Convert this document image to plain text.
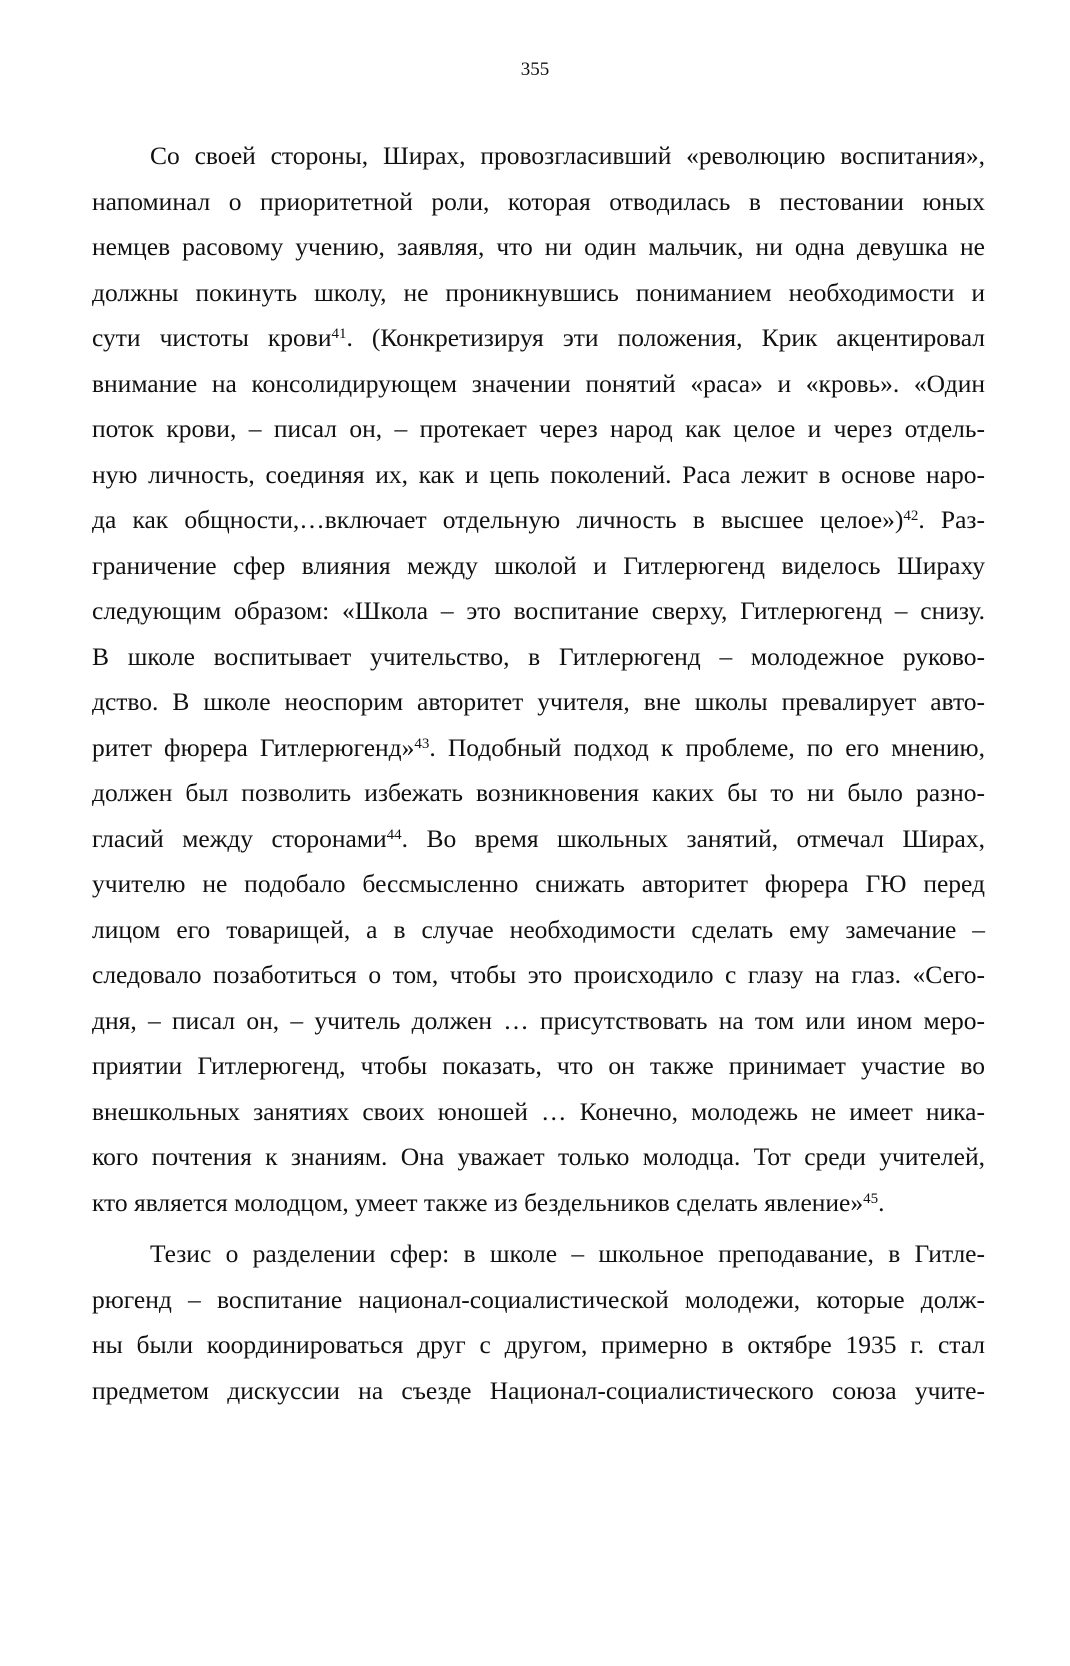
355
Со своей стороны, Ширах, провозгласивший «революцию воспитания»,
напоминал о приоритетной роли, которая отводилась в пестовании юных
немцев расовому учению, заявляя, что ни один мальчик, ни одна девушка не
должны покинуть школу, не проникнувшись пониманием необходимости и
сути чистоты крови$^{41}$. (Конкретизируя эти положения, Крик акцентировал
внимание на консолидирующем значении понятий «раса» и «кровь». «Один
поток крови, – писал он, – протекает через народ как целое и через отдель-
ную личность, соединяя их, как и цепь поколений. Раса лежит в основе наро-
да как общности,…включает отдельную личность в высшее целое»)$^{42}$. Раз-
граничение сфер влияния между школой и Гитлерюгенд виделось Шираху
следующим образом: «Школа – это воспитание сверху, Гитлерюгенд – снизу.
В школе воспитывает учительство, в Гитлерюгенд – молодежное руково-
дство. В школе неоспорим авторитет учителя, вне школы превалирует авто-
ритет фюрера Гитлерюгенд»$^{43}$. Подобный подход к проблеме, по его мнению,
должен был позволить избежать возникновения каких бы то ни было разно-
гласий между сторонами$^{44}$. Во время школьных занятий, отмечал Ширах,
учителю не подобало бессмысленно снижать авторитет фюрера ГЮ перед
лицом его товарищей, а в случае необходимости сделать ему замечание –
следовало позаботиться о том, чтобы это происходило с глазу на глаз. «Сего-
дня, – писал он, – учитель должен … присутствовать на том или ином меро-
приятии Гитлерюгенд, чтобы показать, что он также принимает участие во
внешкольных занятиях своих юношей … Конечно, молодежь не имеет ника-
кого почтения к знаниям. Она уважает только молодца. Тот среди учителей,
кто является молодцом, умеет также из бездельников сделать явление»$^{45}$.
Тезис о разделении сфер: в школе – школьное преподавание, в Гитле-
рюгенд – воспитание национал-социалистической молодежи, которые долж-
ны были координироваться друг с другом, примерно в октябре 1935 г. стал
предметом дискуссии на съезде Национал-социалистического союза учите-
